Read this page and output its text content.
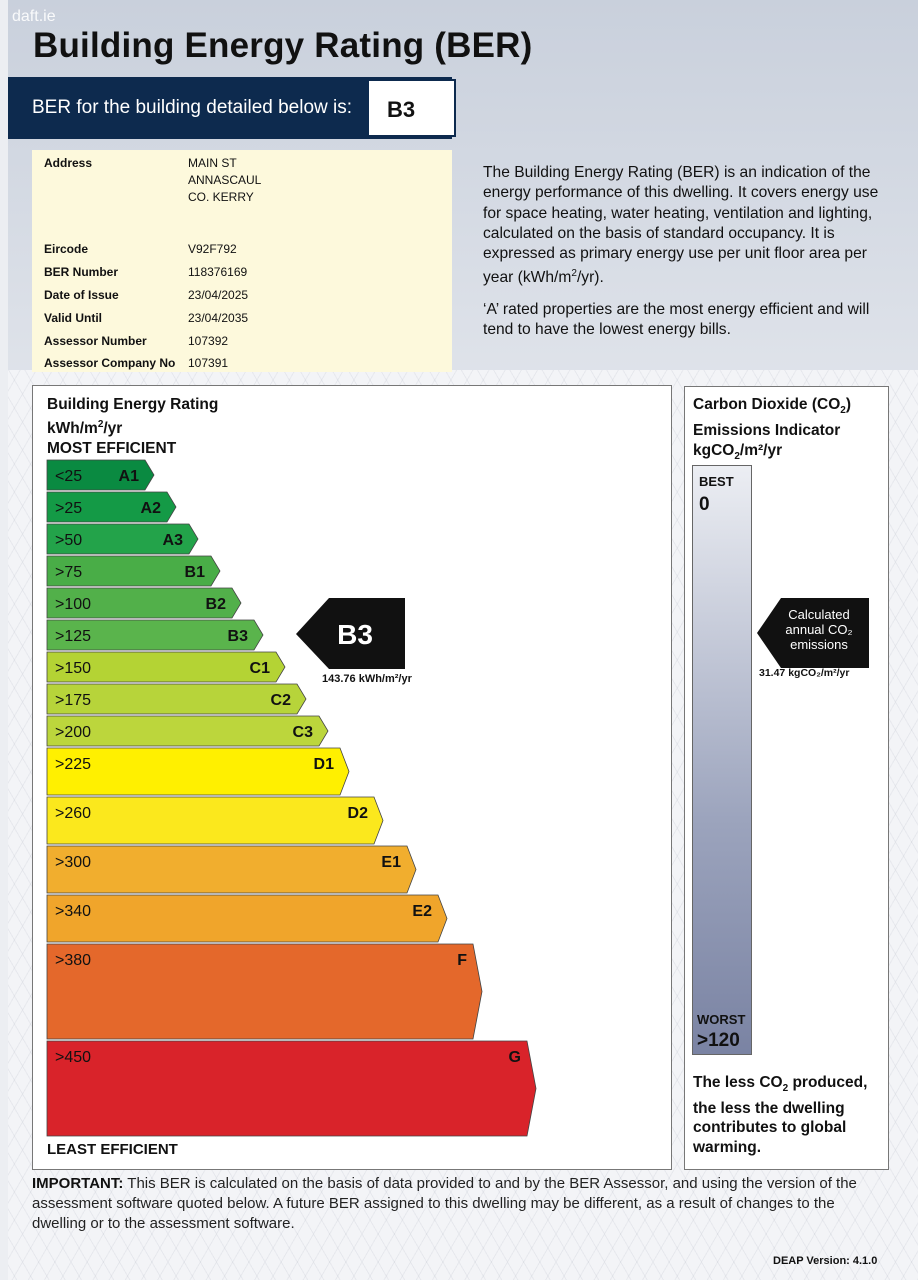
daft.ie
Building Energy Rating (BER)
BER for the building detailed below is: B3
Address	MAIN ST
ANNASCAUL
CO. KERRY
Eircode	V92F792
BER Number	118376169
Date of Issue	23/04/2025
Valid Until	23/04/2035
Assessor Number	107392
Assessor Company No 107391

The Building Energy Rating (BER) is an indication of the energy performance of this dwelling. It covers energy use for space heating, water heating, ventilation and lighting, calculated on the basis of standard occupancy. It is expressed as primary energy use per unit floor area per year $(kWh/m^2/yr)$.

‘A’ rated properties are the most energy efficient and will tend to have the lowest energy bills.

Building Energy Rating
kWh/$m^2/yr$
MOST EFFICIENT
<25 A1
>25	A2
>50	A3
>75	B1
>100	B2
>125	B3
>150	C1
>175	C2
>200	C3
>225	D1
>260	D2
>300	E1
>340	E2
>380	F
>450	G
B3
LEAST EFFICIENT
143.76 kWh/m²/yr
Carbon Dioxide $(CO_2)$
Emissions Indicator
kgCO$_2$/m²/yr
BEST
0
WORST
>120
Calculated
annual CO₂
emissions
31.47 kgCO₂/m²/yr
The less $CO_2$ produced, the less the dwelling contributes to global warming.
IMPORTANT: This BER is calculated on the basis of data provided to and by the BER Assessor, and using the version of the assessment software quoted below. A future BER assigned to this dwelling may be different, as a result of changes to the dwelling or to the assessment software.
DEAP Version: 4.1.0
